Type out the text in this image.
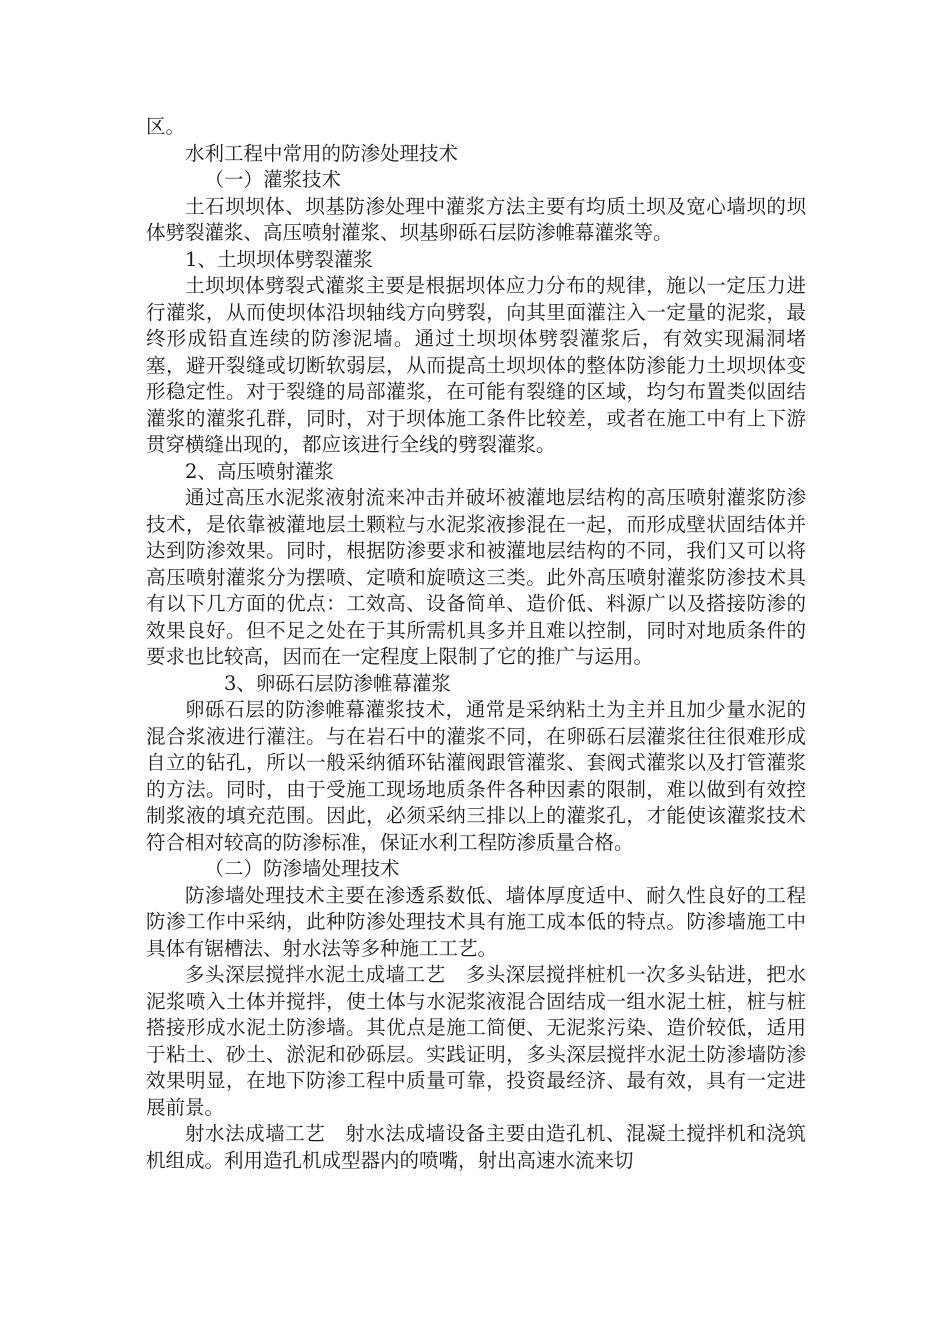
区。

水利工程中常用的防渗处理技术

（一）灌浆技术

土石坝坝体、坝基防渗处理中灌浆方法主要有均质土坝及宽心墙坝的坝体劈裂灌浆、高压喷射灌浆、坝基卵砾石层防渗帷幕灌浆等。

1、土坝坝体劈裂灌浆

土坝坝体劈裂式灌浆主要是根据坝体应力分布的规律，施以一定压力进行灌浆，从而使坝体沿坝轴线方向劈裂，向其里面灌注入一定量的泥浆，最终形成铅直连续的防渗泥墙。通过土坝坝体劈裂灌浆后，有效实现漏洞堵塞，避开裂缝或切断软弱层，从而提高土坝坝体的整体防渗能力土坝坝体变形稳定性。对于裂缝的局部灌浆，在可能有裂缝的区域，均匀布置类似固结灌浆的灌浆孔群，同时，对于坝体施工条件比较差，或者在施工中有上下游贯穿横缝出现的，都应该进行全线的劈裂灌浆。

2、高压喷射灌浆

通过高压水泥浆液射流来冲击并破坏被灌地层结构的高压喷射灌浆防渗技术，是依靠被灌地层土颗粒与水泥浆液掺混在一起，而形成壁状固结体并达到防渗效果。同时，根据防渗要求和被灌地层结构的不同，我们又可以将高压喷射灌浆分为摆喷、定喷和旋喷这三类。此外高压喷射灌浆防渗技术具有以下几方面的优点：工效高、设备简单、造价低、料源广以及搭接防渗的效果良好。但不足之处在于其所需机具多并且难以控制，同时对地质条件的要求也比较高，因而在一定程度上限制了它的推广与运用。

3、卵砾石层防渗帷幕灌浆

卵砾石层的防渗帷幕灌浆技术，通常是采纳粘土为主并且加少量水泥的混合浆液进行灌注。与在岩石中的灌浆不同，在卵砾石层灌浆往往很难形成自立的钻孔，所以一般采纳循环钻灌阀跟管灌浆、套阀式灌浆以及打管灌浆的方法。同时，由于受施工现场地质条件各种因素的限制，难以做到有效控制浆液的填充范围。因此，必须采纳三排以上的灌浆孔，才能使该灌浆技术符合相对较高的防渗标准，保证水利工程防渗质量合格。

（二）防渗墙处理技术

防渗墙处理技术主要在渗透系数低、墙体厚度适中、耐久性良好的工程防渗工作中采纳，此种防渗处理技术具有施工成本低的特点。防渗墙施工中具体有锯槽法、射水法等多种施工工艺。

多头深层搅拌水泥土成墙工艺　多头深层搅拌桩机一次多头钻进，把水泥浆喷入土体并搅拌，使土体与水泥浆液混合固结成一组水泥土桩，桩与桩搭接形成水泥土防渗墙。其优点是施工简便、无泥浆污染、造价较低，适用于粘土、砂土、淤泥和砂砾层。实践证明，多头深层搅拌水泥土防渗墙防渗效果明显，在地下防渗工程中质量可靠，投资最经济、最有效，具有一定进展前景。

射水法成墙工艺　射水法成墙设备主要由造孔机、混凝土搅拌机和浇筑机组成。利用造孔机成型器内的喷嘴，射出高速水流来切
